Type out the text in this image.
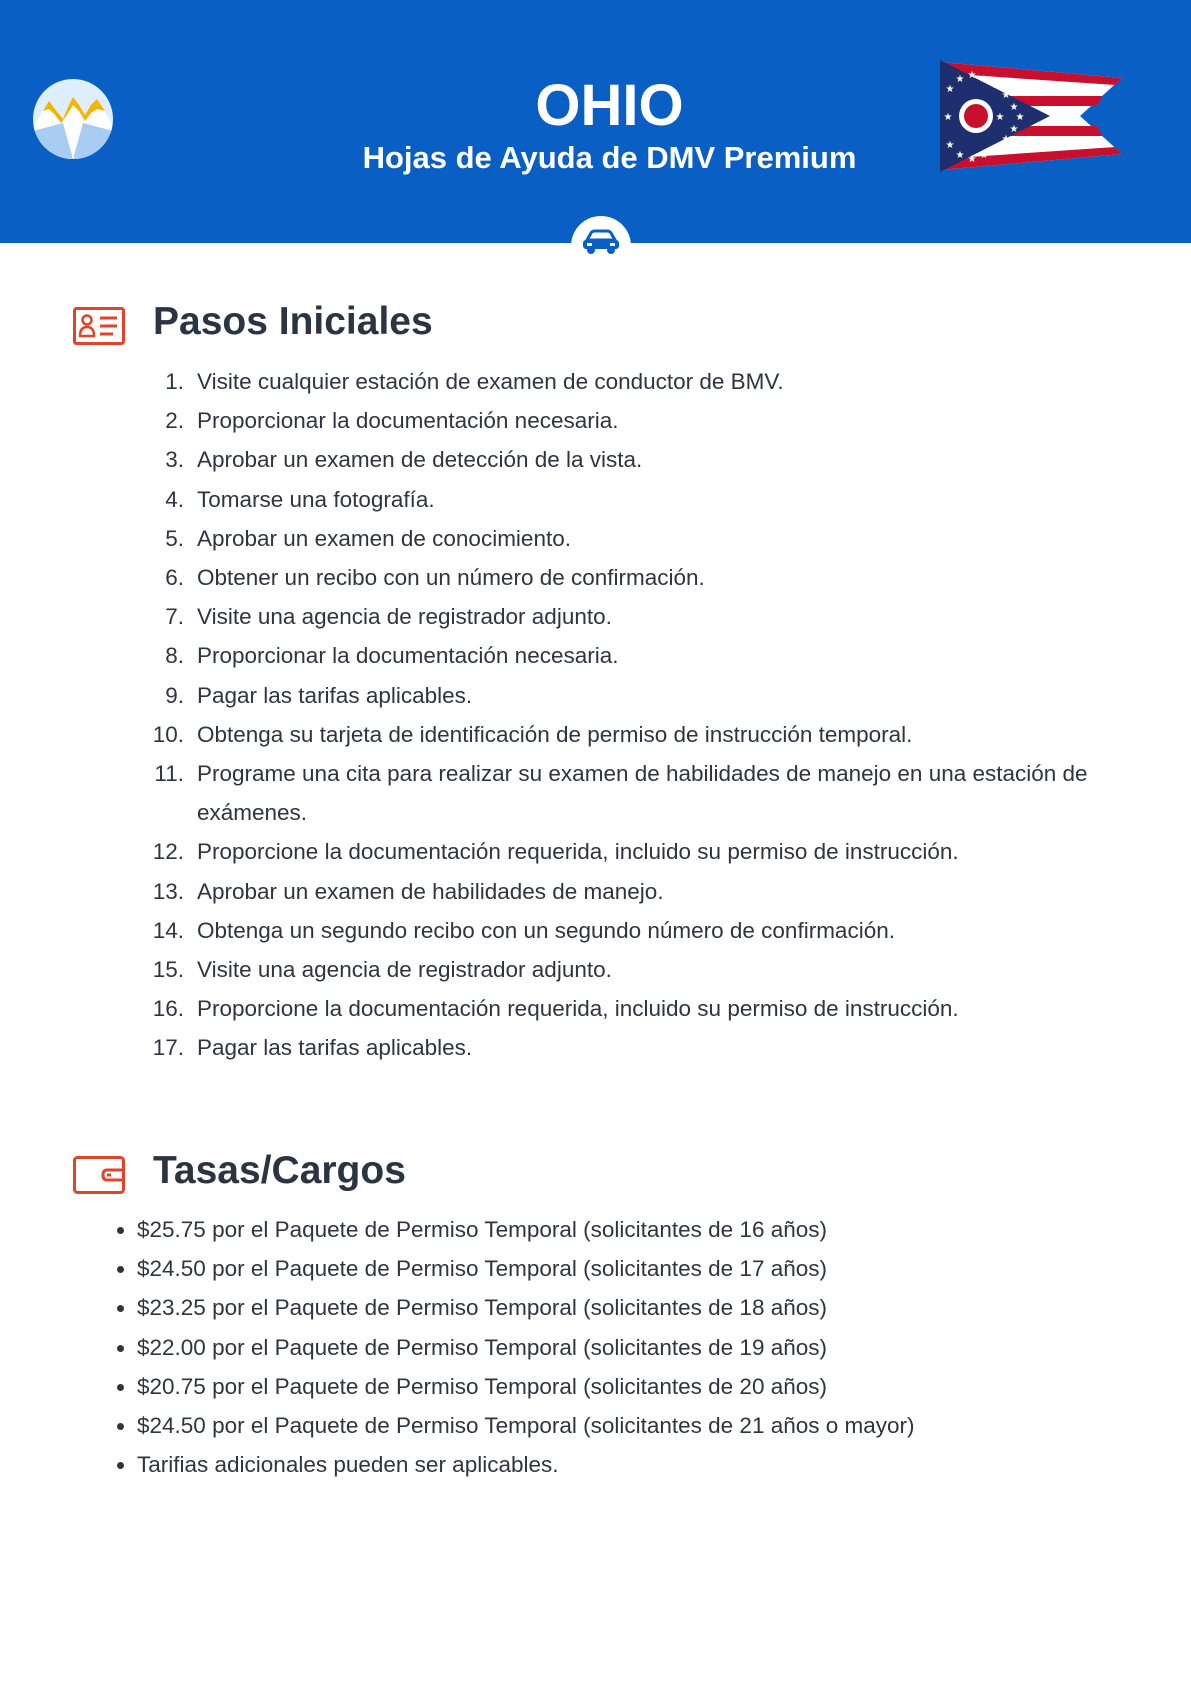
OHIO
Hojas de Ayuda de DMV Premium
★
★ ★ ★
★
★
★
★
★
★
★
★
★
★
★
★	★
Pasos Iniciales
1. Visite cualquier estación de examen de conductor de BMV.
2. Proporcionar la documentación necesaria.
3. Aprobar un examen de detección de la vista.
4. Tomarse una fotografía.
5. Aprobar un examen de conocimiento.
6. Obtener un recibo con un número de confirmación.
7. Visite una agencia de registrador adjunto.
8. Proporcionar la documentación necesaria.
9. Pagar las tarifas aplicables.
10. Obtenga su tarjeta de identificación de permiso de instrucción temporal.
11. Programe una cita para realizar su examen de habilidades de manejo en una estación de exámenes.
12. Proporcione la documentación requerida, incluido su permiso de instrucción.
13. Aprobar un examen de habilidades de manejo.
14. Obtenga un segundo recibo con un segundo número de confirmación.
15. Visite una agencia de registrador adjunto.
16. Proporcione la documentación requerida, incluido su permiso de instrucción.
17. Pagar las tarifas aplicables.
Tasas/Cargos
$25.75 por el Paquete de Permiso Temporal (solicitantes de 16 años)
$24.50 por el Paquete de Permiso Temporal (solicitantes de 17 años)
$23.25 por el Paquete de Permiso Temporal (solicitantes de 18 años)
$22.00 por el Paquete de Permiso Temporal (solicitantes de 19 años)
$20.75 por el Paquete de Permiso Temporal (solicitantes de 20 años)
$24.50 por el Paquete de Permiso Temporal (solicitantes de 21 años o mayor)
Tarifias adicionales pueden ser aplicables.
